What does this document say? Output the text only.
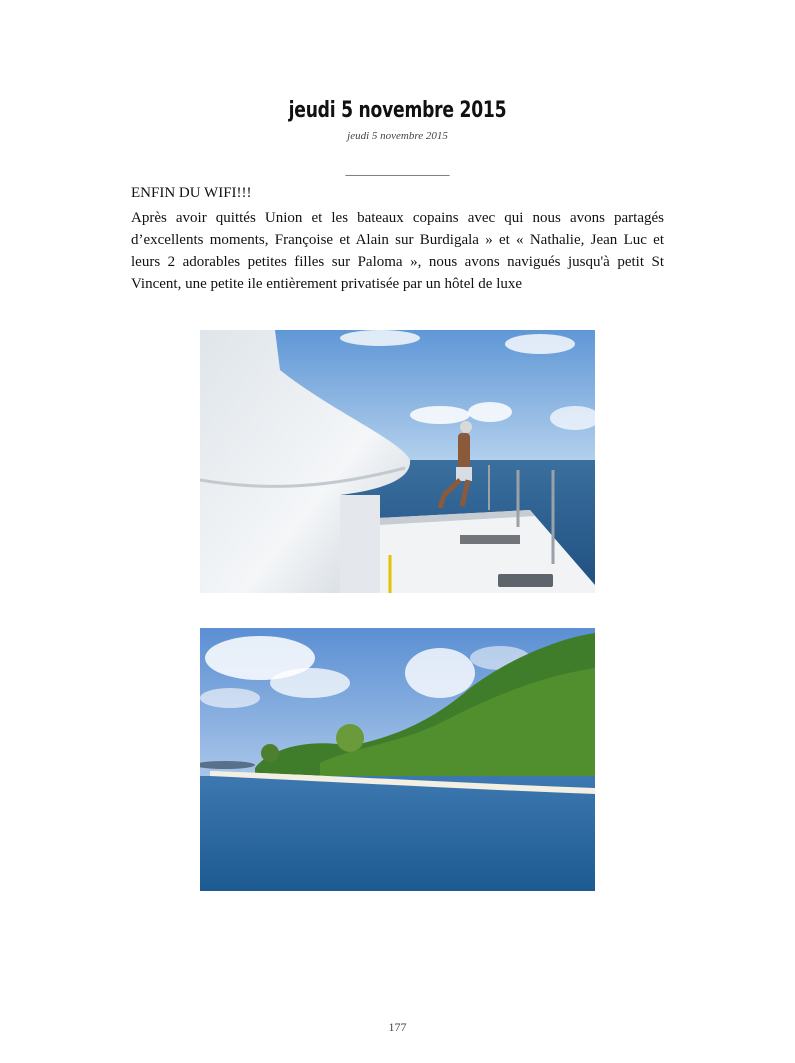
jeudi 5 novembre 2015
jeudi 5 novembre 2015
________________
ENFIN DU WIFI!!!

Après avoir quittés Union et les bateaux copains avec qui nous avons partagés d’excellents moments, Françoise et Alain sur Burdigala » et « Nathalie, Jean Luc et leurs 2 adorables petites filles sur Paloma », nous avons navigués jusqu'à petit St Vincent, une petite ile entièrement privatisée par un hôtel de luxe

177
